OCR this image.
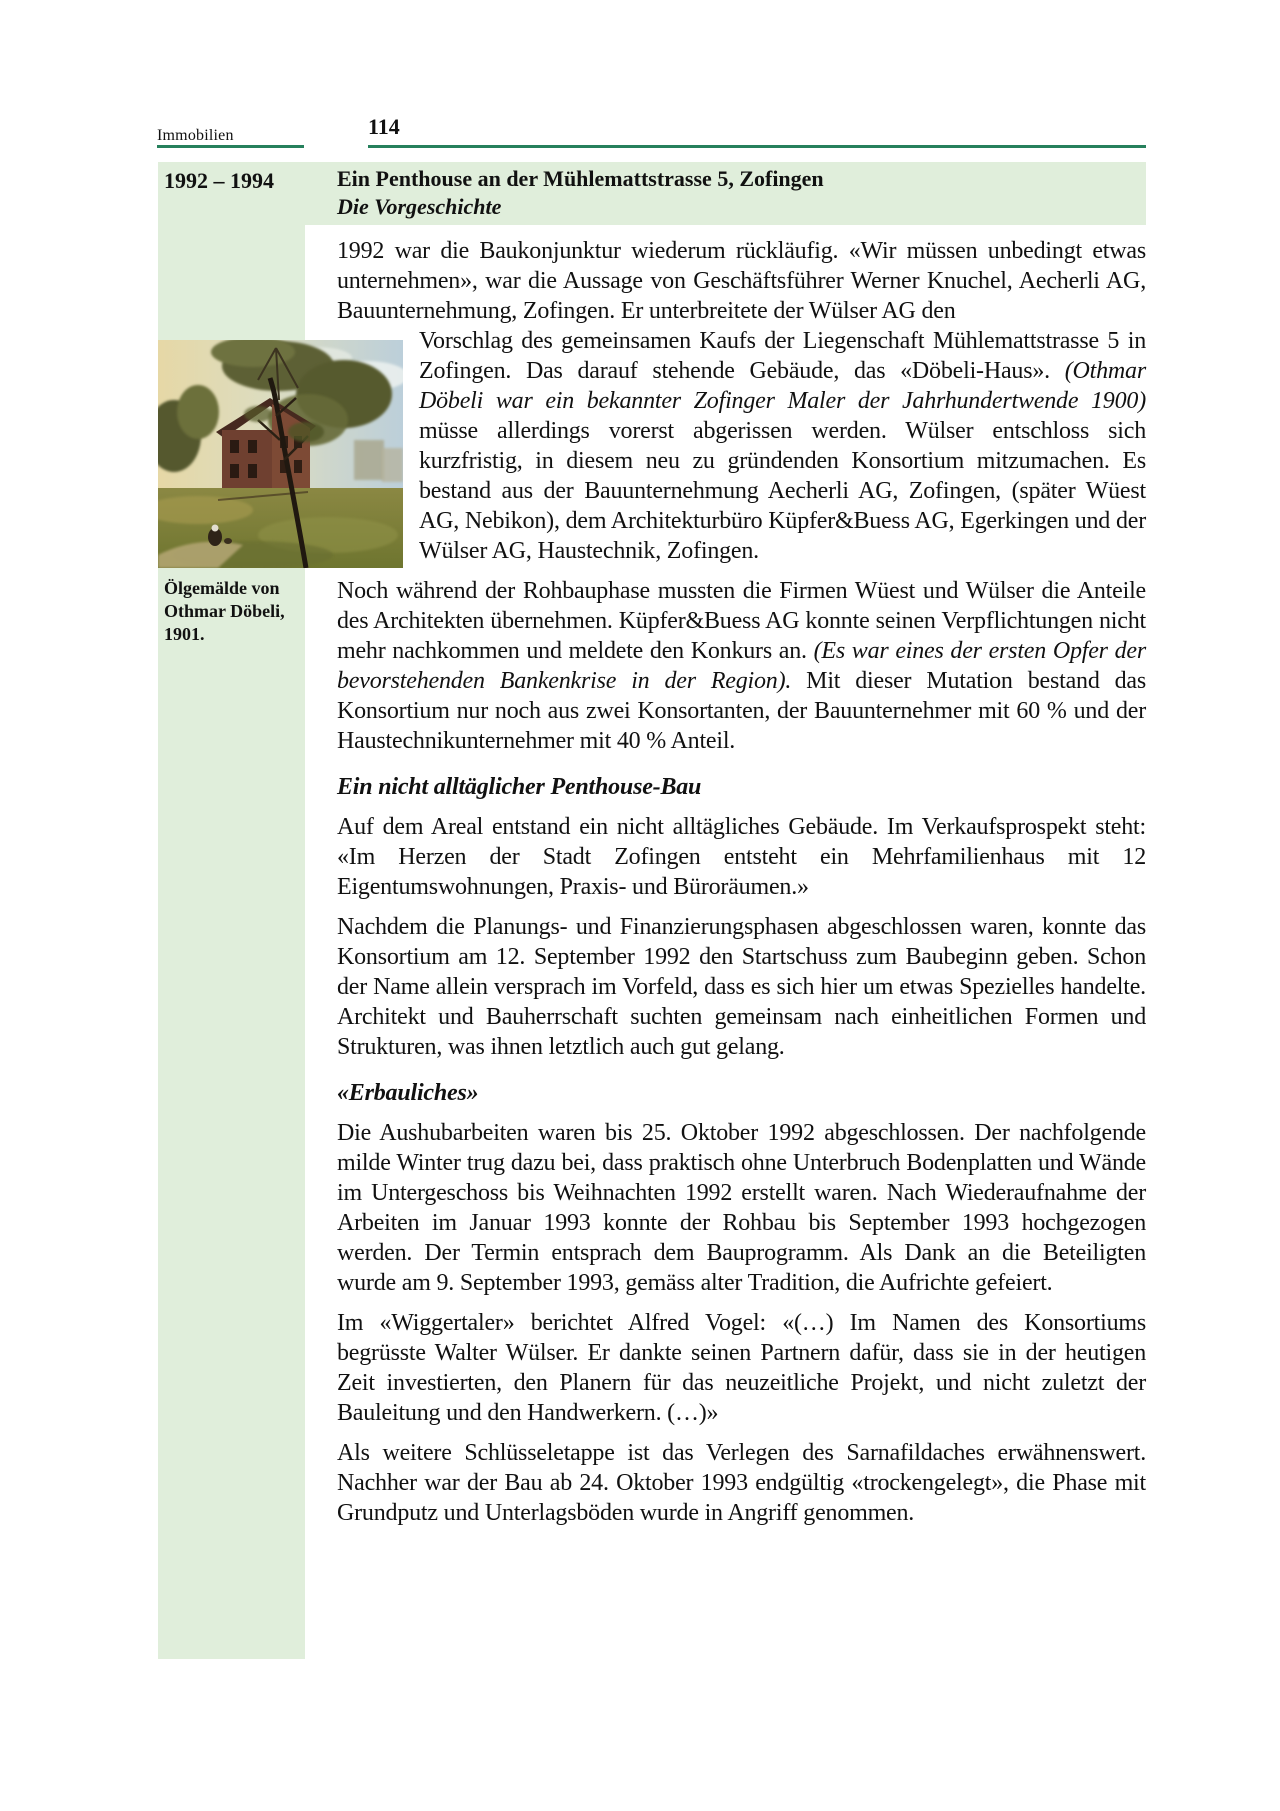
Immobilien	114
1992 – 1994	Ein Penthouse an der Mühlemattstrasse 5, Zofingen
Die Vorgeschichte
Ölgemälde von
Othmar Döbeli,
1901.

1992 war die Baukonjunktur wiederum rückläufig. «Wir müssen unbedingt etwas unternehmen», war die Aussage von Geschäftsführer Werner Knuchel, Aecherli AG, Bauunternehmung, Zofingen. Er unterbreitete der Wülser AG den

Vorschlag des gemeinsamen Kaufs der Liegenschaft Mühlemattstrasse 5 in Zofingen. Das darauf stehende Gebäude, das «Döbeli-Haus». (Othmar Döbeli war ein bekannter Zofinger Maler der Jahrhundertwende 1900) müsse allerdings vorerst abgerissen werden. Wülser entschloss sich kurzfristig, in diesem neu zu gründenden Konsortium mitzumachen. Es bestand aus der Bauunternehmung Aecherli AG, Zofingen, (später Wüest AG, Nebikon), dem Architekturbüro Küpfer&Buess AG, Egerkingen und der Wülser AG, Haustechnik, Zofingen.

Noch während der Rohbauphase mussten die Firmen Wüest und Wülser die Anteile des Architekten übernehmen. Küpfer&Buess AG konnte seinen Verpflichtungen nicht mehr nachkommen und meldete den Konkurs an. (Es war eines der ersten Opfer der bevorstehenden Bankenkrise in der Region). Mit dieser Mutation bestand das Konsortium nur noch aus zwei Konsortanten, der Bauunternehmer mit 60 % und der Haustechnikunternehmer mit 40 % Anteil.

Ein nicht alltäglicher Penthouse-Bau

Auf dem Areal entstand ein nicht alltägliches Gebäude. Im Verkaufsprospekt steht: «Im Herzen der Stadt Zofingen entsteht ein Mehrfamilienhaus mit 12 Eigentumswohnungen, Praxis- und Büroräumen.»

Nachdem die Planungs- und Finanzierungsphasen abgeschlossen waren, konnte das Konsortium am 12. September 1992 den Startschuss zum Baubeginn geben. Schon der Name allein versprach im Vorfeld, dass es sich hier um etwas Spezielles handelte. Architekt und Bauherrschaft suchten gemeinsam nach einheitlichen Formen und Strukturen, was ihnen letztlich auch gut gelang.

«Erbauliches»

Die Aushubarbeiten waren bis 25. Oktober 1992 abgeschlossen. Der nachfolgende milde Winter trug dazu bei, dass praktisch ohne Unterbruch Bodenplatten und Wände im Untergeschoss bis Weihnachten 1992 erstellt waren. Nach Wiederaufnahme der Arbeiten im Januar 1993 konnte der Rohbau bis September 1993 hochgezogen werden. Der Termin entsprach dem Bauprogramm. Als Dank an die Beteiligten wurde am 9. September 1993, gemäss alter Tradition, die Aufrichte gefeiert.

Im «Wiggertaler» berichtet Alfred Vogel: «(…) Im Namen des Konsortiums begrüsste Walter Wülser. Er dankte seinen Partnern dafür, dass sie in der heutigen Zeit investierten, den Planern für das neuzeitliche Projekt, und nicht zuletzt der Bauleitung und den Handwerkern. (…)»

Als weitere Schlüsseletappe ist das Verlegen des Sarnafildaches erwähnenswert. Nachher war der Bau ab 24. Oktober 1993 endgültig «trockengelegt», die Phase mit Grundputz und Unterlagsböden wurde in Angriff genommen.
